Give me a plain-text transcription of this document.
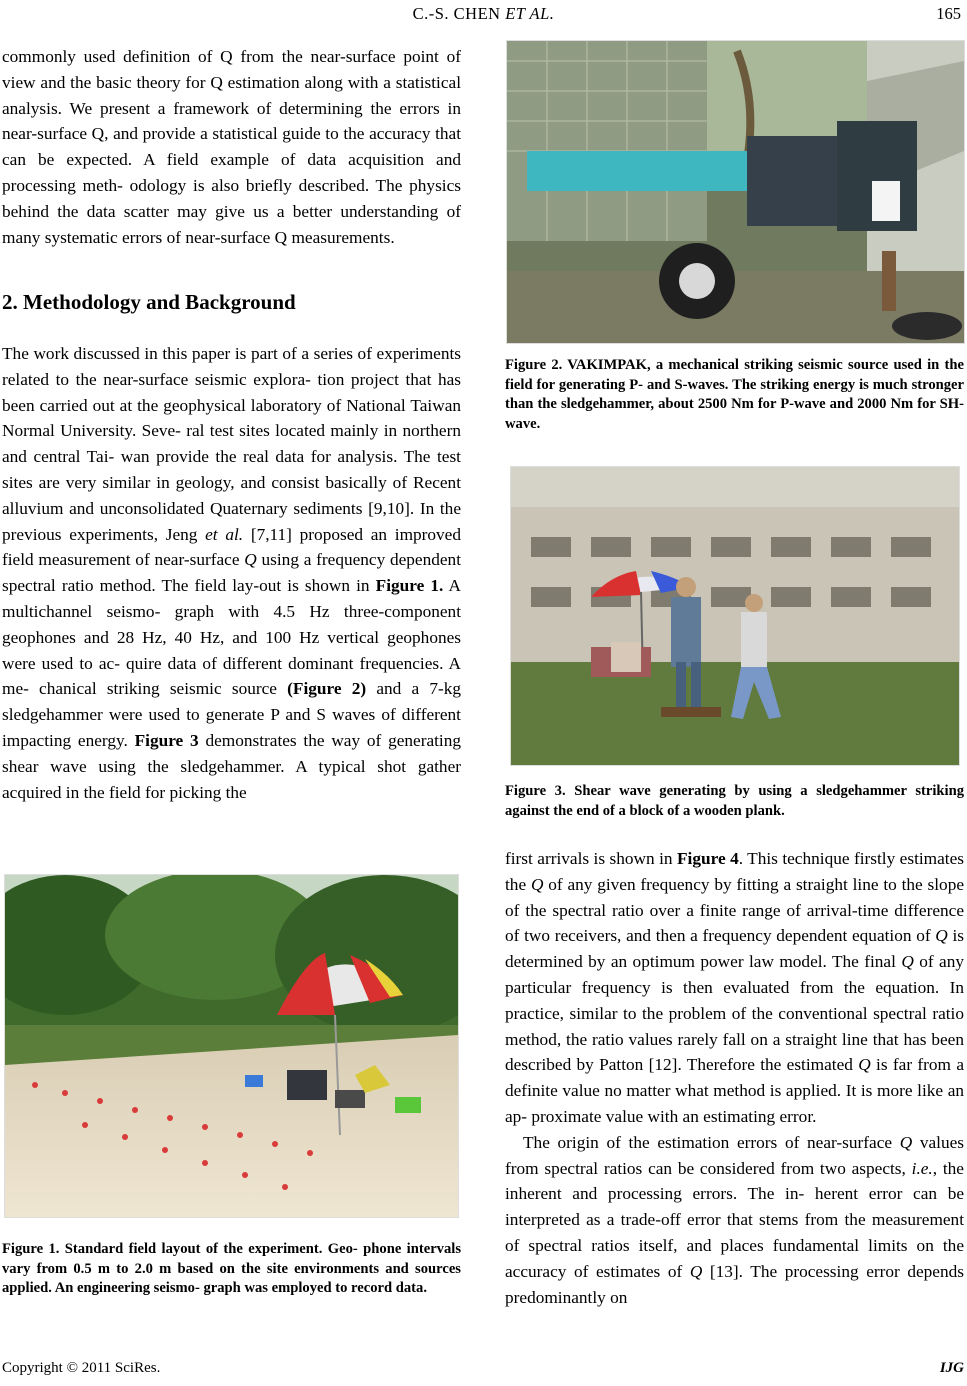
C.-S. CHEN ET AL.	165

commonly used definition of Q from the near-surface point of view and the basic theory for Q estimation along with a statistical analysis. We present a framework of determining the errors in near-surface Q, and provide a statistical guide to the accuracy that can be expected. A field example of data acquisition and processing meth- odology is also briefly described. The physics behind the data scatter may give us a better understanding of many systematic errors of near-surface Q measurements.

2. Methodology and Background

The work discussed in this paper is part of a series of experiments related to the near-surface seismic explora- tion project that has been carried out at the geophysical laboratory of National Taiwan Normal University. Seve- ral test sites located mainly in northern and central Tai- wan provide the real data for analysis. The test sites are very similar in geology, and consist basically of Recent alluvium and unconsolidated Quaternary sediments [9,10]. In the previous experiments, Jeng et al. [7,11] proposed an improved field measurement of near-surface Q using a frequency dependent spectral ratio method. The field lay-out is shown in Figure 1. A multichannel seismo- graph with 4.5 Hz three-component geophones and 28 Hz, 40 Hz, and 100 Hz vertical geophones were used to ac- quire data of different dominant frequencies. A me- chanical striking seismic source (Figure 2) and a 7-kg sledgehammer were used to generate P and S waves of different impacting energy. Figure 3 demonstrates the way of generating shear wave using the sledgehammer. A typical shot gather acquired in the field for picking the

Figure 1. Standard field layout of the experiment. Geo- phone intervals vary from 0.5 m to 2.0 m based on the site environments and sources applied. An engineering seismo- graph was employed to record data.

Figure 2. VAKIMPAK, a mechanical striking seismic source used in the field for generating P- and S-waves. The striking energy is much stronger than the sledgehammer, about 2500 Nm for P-wave and 2000 Nm for SH-wave.

Figure 3. Shear wave generating by using a sledgehammer striking against the end of a block of a wooden plank.

first arrivals is shown in Figure 4. This technique firstly estimates the Q of any given frequency by fitting a straight line to the slope of the spectral ratio over a finite range of arrival-time difference of two receivers, and then a frequency dependent equation of Q is determined by an optimum power law model. The final Q of any particular frequency is then evaluated from the equation. In practice, similar to the problem of the conventional spectral ratio method, the ratio values rarely fall on a straight line that has been described by Patton [12]. Therefore the estimated Q is far from a definite value no matter what method is applied. It is more like an ap- proximate value with an estimating error.

The origin of the estimation errors of near-surface Q values from spectral ratios can be considered from two aspects, i.e., the inherent and processing errors. The in- herent error can be interpreted as a trade-off error that stems from the measurement of spectral ratios itself, and places fundamental limits on the accuracy of estimates of Q [13]. The processing error depends predominantly on

Copyright © 2011 SciRes.	IJG
